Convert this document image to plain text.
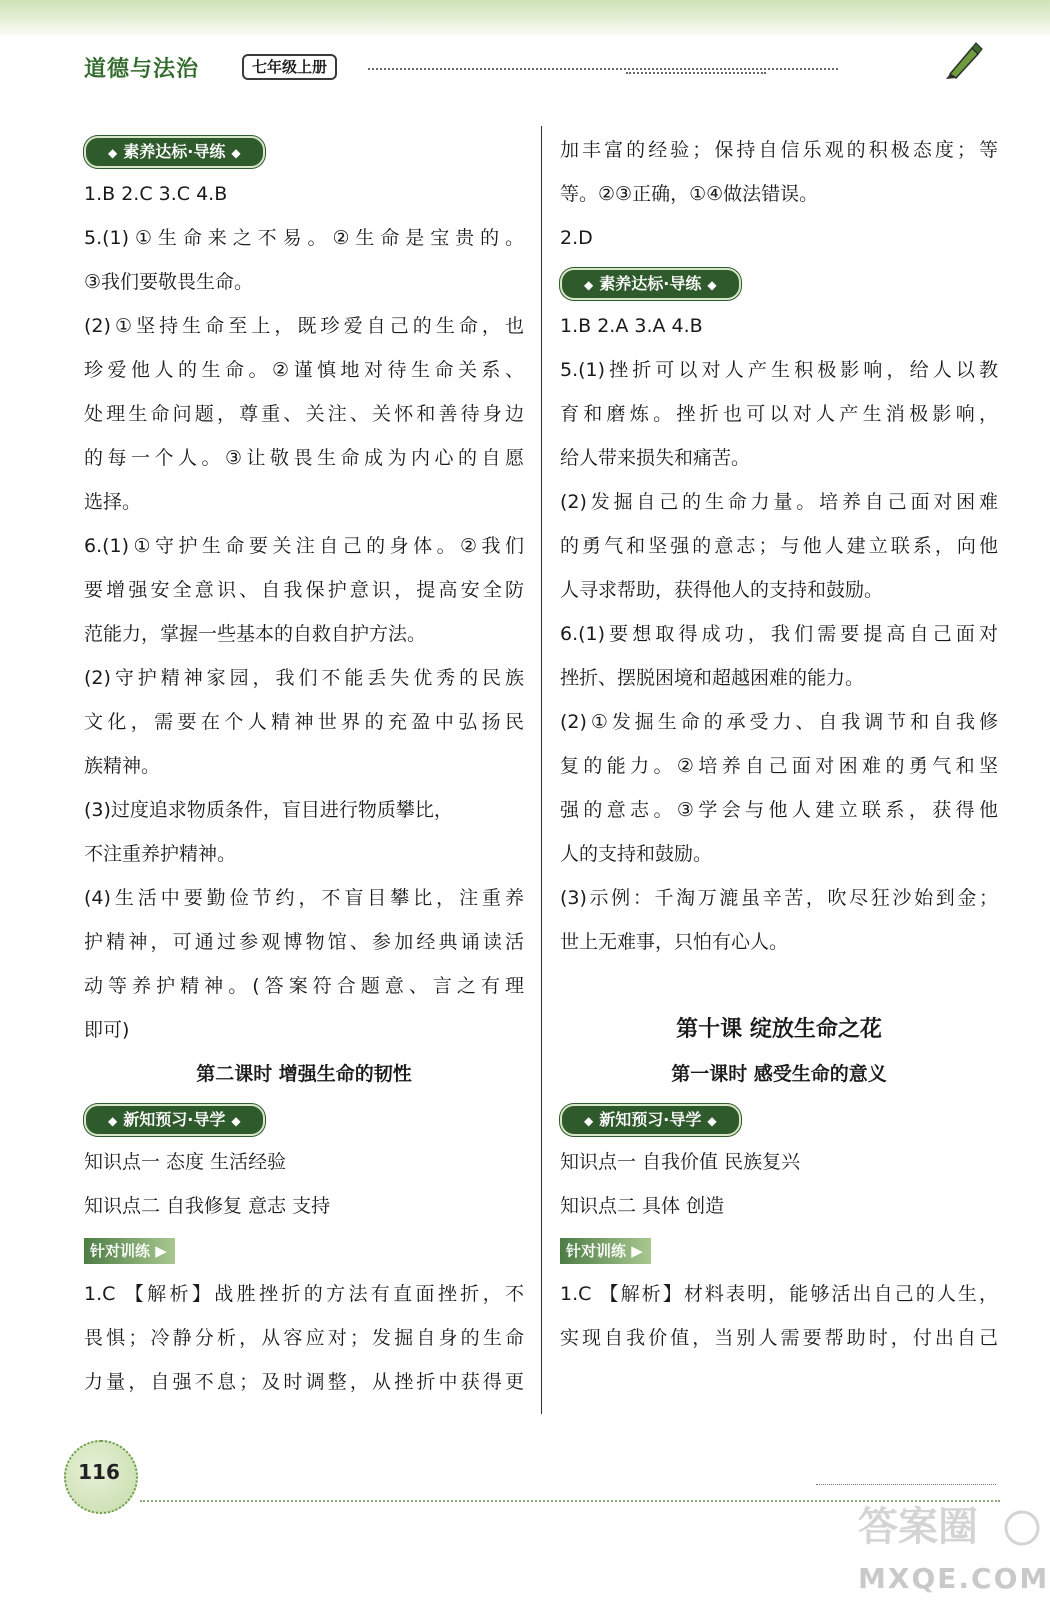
道德与法治	七年级上册
◆ 素养达标·导练 ◆
1.B 2.C 3.C 4.B
5.(1)①生命来之不易。②生命是宝贵的。
③我们要敬畏生命。
(2)①坚持生命至上，既珍爱自己的生命，也
珍爱他人的生命。②谨慎地对待生命关系、
处理生命问题，尊重、关注、关怀和善待身边
的每一个人。③让敬畏生命成为内心的自愿
选择。
6.(1)①守护生命要关注自己的身体。②我们
要增强安全意识、自我保护意识，提高安全防
范能力，掌握一些基本的自救自护方法。
(2)守护精神家园，我们不能丢失优秀的民族
文化，需要在个人精神世界的充盈中弘扬民
族精神。
(3)过度追求物质条件，盲目进行物质攀比，
不注重养护精神。
(4)生活中要勤俭节约，不盲目攀比，注重养
护精神，可通过参观博物馆、参加经典诵读活
动等养护精神。(答案符合题意、言之有理
即可)
第二课时 增强生命的韧性
◆ 新知预习·导学 ◆
知识点一 态度 生活经验
知识点二 自我修复 意志 支持
针对训练 ▶
1.C 【解析】战胜挫折的方法有直面挫折，不
畏惧；冷静分析，从容应对；发掘自身的生命
力量，自强不息；及时调整，从挫折中获得更
加丰富的经验；保持自信乐观的积极态度；等
等。②③正确，①④做法错误。
2.D
◆ 素养达标·导练 ◆
1.B 2.A 3.A 4.B
5.(1)挫折可以对人产生积极影响，给人以教
育和磨炼。挫折也可以对人产生消极影响，
给人带来损失和痛苦。
(2)发掘自己的生命力量。培养自己面对困难
的勇气和坚强的意志；与他人建立联系，向他
人寻求帮助，获得他人的支持和鼓励。
6.(1)要想取得成功，我们需要提高自己面对
挫折、摆脱困境和超越困难的能力。
(2)①发掘生命的承受力、自我调节和自我修
复的能力。②培养自己面对困难的勇气和坚
强的意志。③学会与他人建立联系，获得他
人的支持和鼓励。
(3)示例：千淘万漉虽辛苦，吹尽狂沙始到金；
世上无难事，只怕有心人。
第十课 绽放生命之花
第一课时 感受生命的意义
◆ 新知预习·导学 ◆
知识点一 自我价值 民族复兴
知识点二 具体 创造
针对训练 ▶
1.C 【解析】材料表明，能够活出自己的人生，
实现自我价值，当别人需要帮助时，付出自己
116
答案圈
MXQE.COM
